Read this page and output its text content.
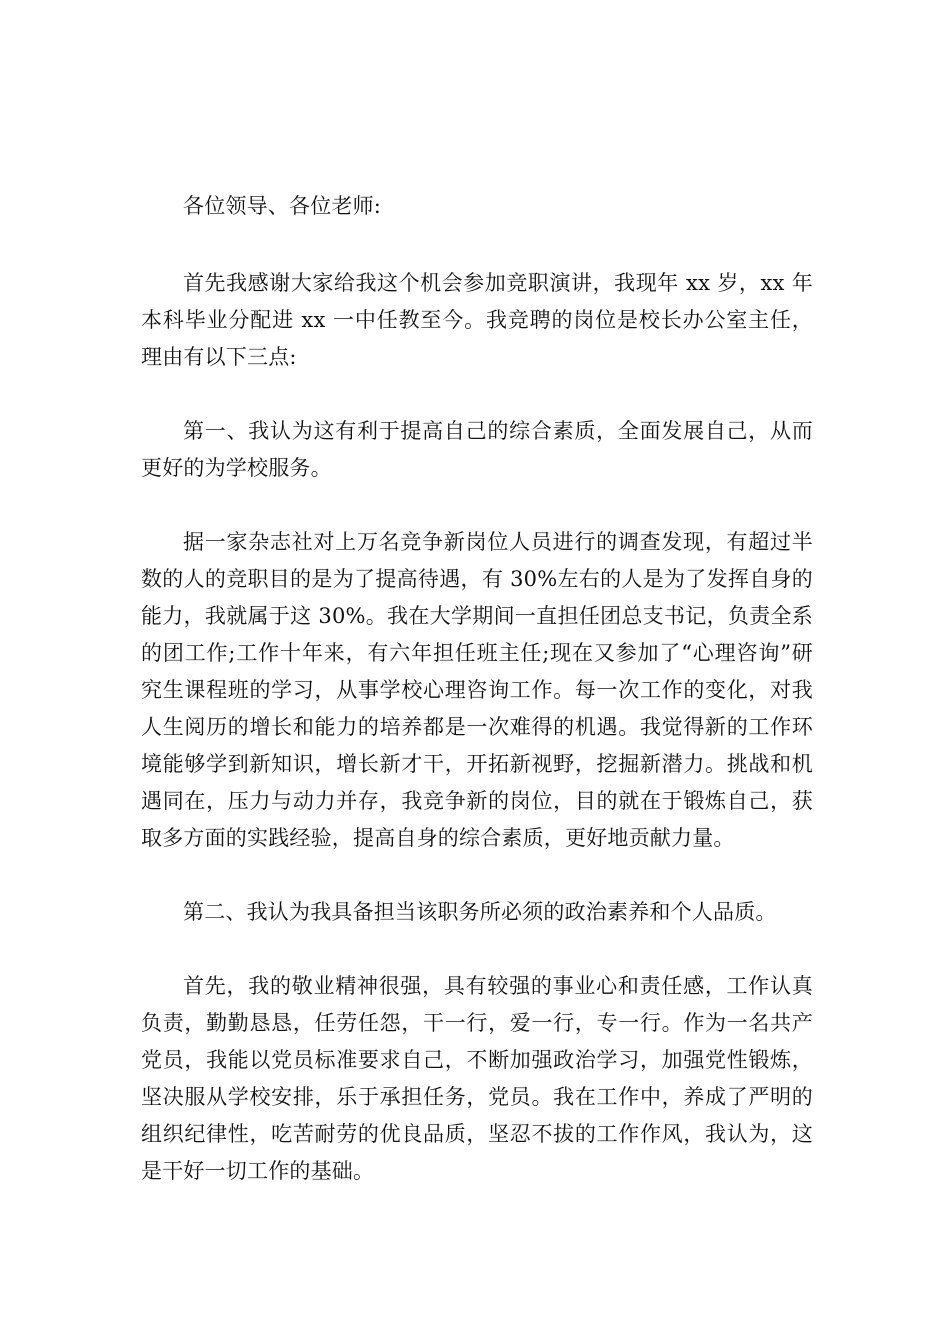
各位领导、各位老师:

首先我感谢大家给我这个机会参加竞职演讲，我现年 xx 岁，xx 年本科毕业分配进 xx 一中任教至今。我竞聘的岗位是校长办公室主任，理由有以下三点:

第一、我认为这有利于提高自己的综合素质，全面发展自己，从而更好的为学校服务。

据一家杂志社对上万名竞争新岗位人员进行的调查发现，有超过半数的人的竞职目的是为了提高待遇，有 30%左右的人是为了发挥自身的能力，我就属于这 30%。我在大学期间一直担任团总支书记，负责全系的团工作;工作十年来，有六年担任班主任;现在又参加了“心理咨询”研究生课程班的学习，从事学校心理咨询工作。每一次工作的变化，对我人生阅历的增长和能力的培养都是一次难得的机遇。我觉得新的工作环境能够学到新知识，增长新才干，开拓新视野，挖掘新潜力。挑战和机遇同在，压力与动力并存，我竞争新的岗位，目的就在于锻炼自己，获取多方面的实践经验，提高自身的综合素质，更好地贡献力量。

第二、我认为我具备担当该职务所必须的政治素养和个人品质。

首先，我的敬业精神很强，具有较强的事业心和责任感，工作认真负责，勤勤恳恳，任劳任怨，干一行，爱一行，专一行。作为一名共产党员，我能以党员标准要求自己，不断加强政治学习，加强党性锻炼，坚决服从学校安排，乐于承担任务，党员。我在工作中，养成了严明的组织纪律性，吃苦耐劳的优良品质，坚忍不拔的工作作风，我认为，这是干好一切工作的基础。
